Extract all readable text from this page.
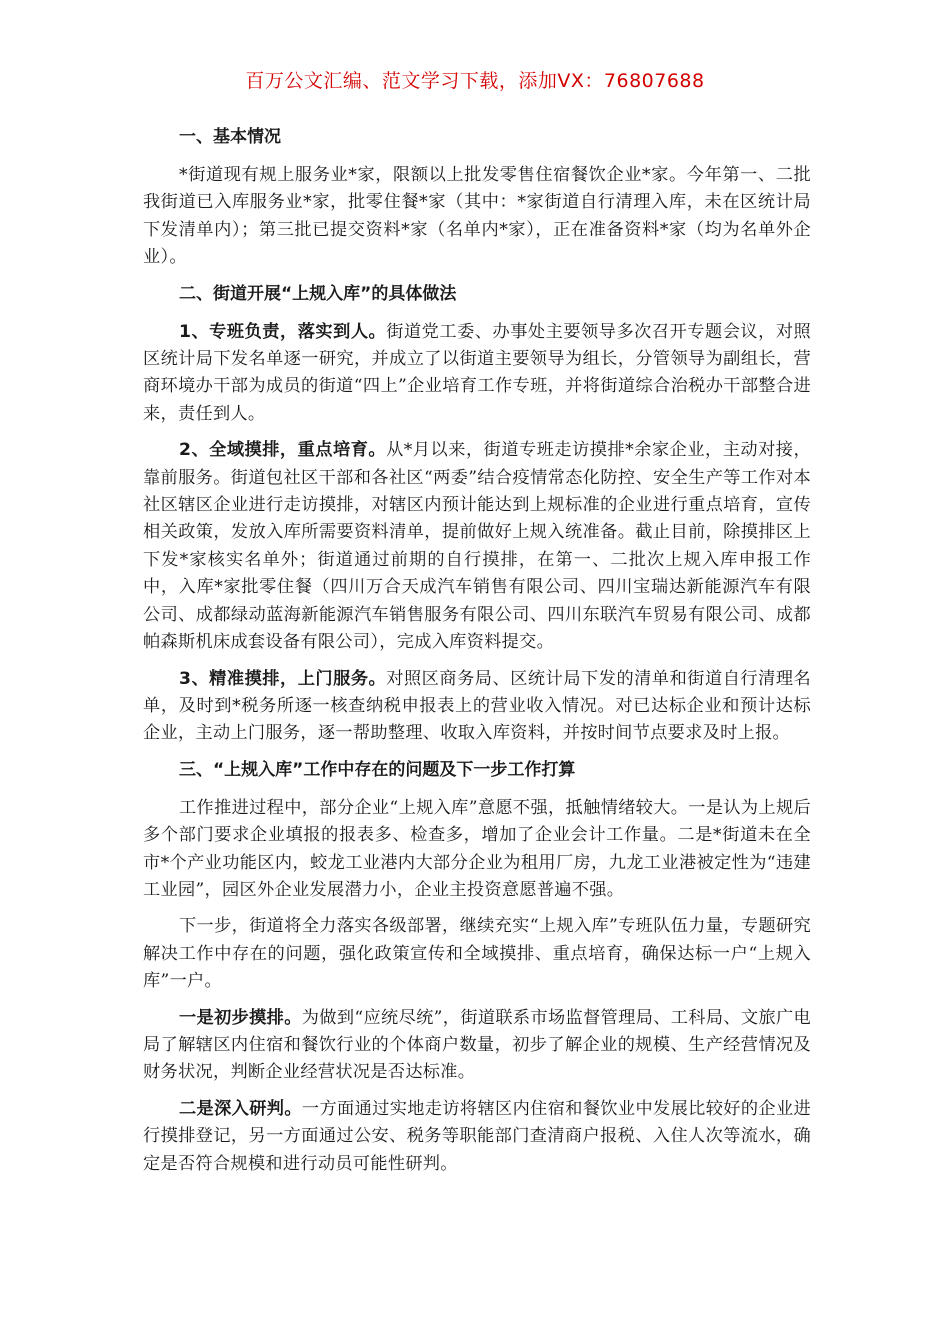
百万公文汇编、范文学习下载，添加VX：76807688
一、基本情况

*街道现有规上服务业*家，限额以上批发零售住宿餐饮企业*家。今年第一、二批我街道已入库服务业*家，批零住餐*家（其中：*家街道自行清理入库，未在区统计局下发清单内）；第三批已提交资料*家（名单内*家），正在准备资料*家（均为名单外企业）。

二、街道开展“上规入库”的具体做法

1、专班负责，落实到人。街道党工委、办事处主要领导多次召开专题会议，对照区统计局下发名单逐一研究，并成立了以街道主要领导为组长，分管领导为副组长，营商环境办干部为成员的街道“四上”企业培育工作专班，并将街道综合治税办干部整合进来，责任到人。

2、全域摸排，重点培育。从*月以来，街道专班走访摸排*余家企业，主动对接，靠前服务。街道包社区干部和各社区“两委”结合疫情常态化防控、安全生产等工作对本社区辖区企业进行走访摸排，对辖区内预计能达到上规标准的企业进行重点培育，宣传相关政策，发放入库所需要资料清单，提前做好上规入统准备。截止目前，除摸排区上下发*家核实名单外；街道通过前期的自行摸排，在第一、二批次上规入库申报工作中，入库*家批零住餐（四川万合天成汽车销售有限公司、四川宝瑞达新能源汽车有限公司、成都绿动蓝海新能源汽车销售服务有限公司、四川东联汽车贸易有限公司、成都帕森斯机床成套设备有限公司），完成入库资料提交。

3、精准摸排，上门服务。对照区商务局、区统计局下发的清单和街道自行清理名单，及时到*税务所逐一核查纳税申报表上的营业收入情况。对已达标企业和预计达标企业，主动上门服务，逐一帮助整理、收取入库资料，并按时间节点要求及时上报。

三、“上规入库”工作中存在的问题及下一步工作打算

工作推进过程中，部分企业“上规入库”意愿不强，抵触情绪较大。一是认为上规后多个部门要求企业填报的报表多、检查多，增加了企业会计工作量。二是*街道未在全市*个产业功能区内，蛟龙工业港内大部分企业为租用厂房，九龙工业港被定性为“违建工业园”，园区外企业发展潜力小，企业主投资意愿普遍不强。

下一步，街道将全力落实各级部署，继续充实“上规入库”专班队伍力量，专题研究解决工作中存在的问题，强化政策宣传和全域摸排、重点培育，确保达标一户“上规入库”一户。

一是初步摸排。为做到“应统尽统”，街道联系市场监督管理局、工科局、文旅广电局了解辖区内住宿和餐饮行业的个体商户数量，初步了解企业的规模、生产经营情况及财务状况，判断企业经营状况是否达标准。

二是深入研判。一方面通过实地走访将辖区内住宿和餐饮业中发展比较好的企业进行摸排登记，另一方面通过公安、税务等职能部门查清商户报税、入住人次等流水，确定是否符合规模和进行动员可能性研判。
